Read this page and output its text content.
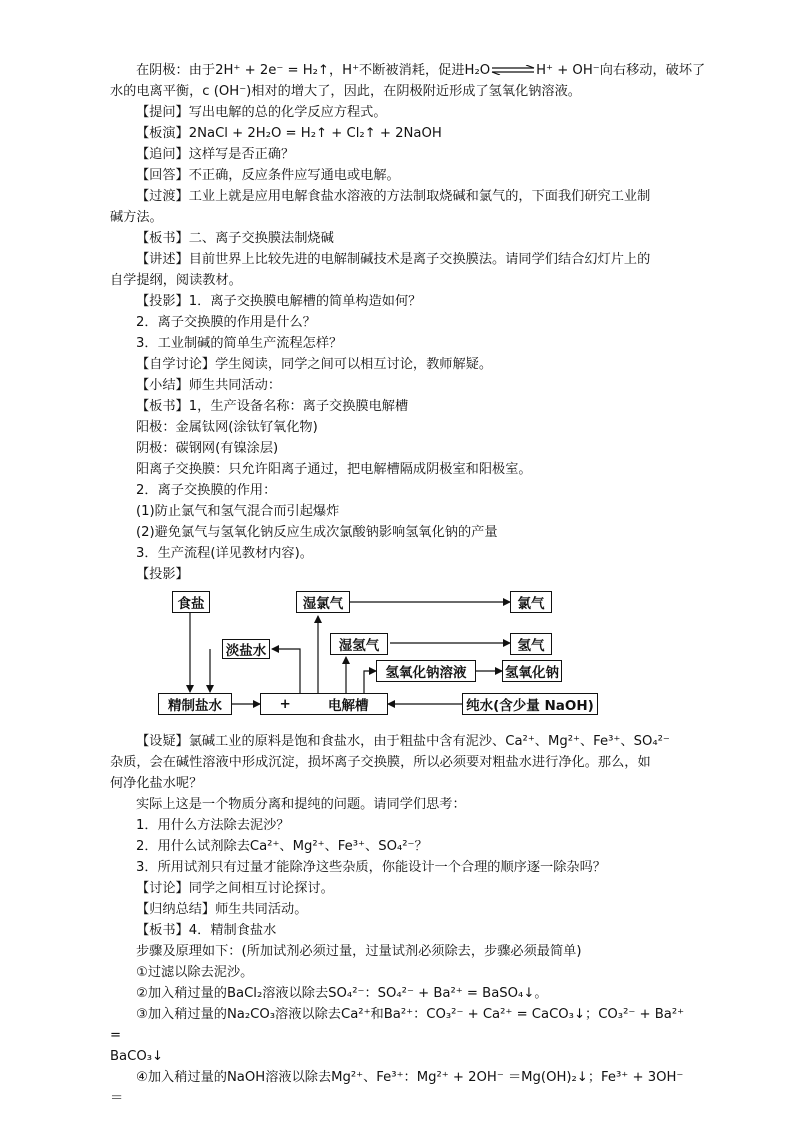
在阴极：由于2H⁺ + 2e⁻ = H₂↑，H⁺不断被消耗，促进H₂O⇌H⁺ + OH⁻向右移动，破坏了

水的电离平衡，c (OH⁻)相对的增大了，因此，在阴极附近形成了氢氧化钠溶液。

【提问】写出电解的总的化学反应方程式。

【板演】2NaCl + 2H₂O = H₂↑ + Cl₂↑ + 2NaOH

【追问】这样写是否正确？

【回答】不正确，反应条件应写通电或电解。

【过渡】工业上就是应用电解食盐水溶液的方法制取烧碱和氯气的，下面我们研究工业制

碱方法。

【板书】二、离子交换膜法制烧碱

【讲述】目前世界上比较先进的电解制碱技术是离子交换膜法。请同学们结合幻灯片上的

自学提纲，阅读教材。

【投影】1．离子交换膜电解槽的简单构造如何？

2．离子交换膜的作用是什么？

3．工业制碱的简单生产流程怎样？

【自学讨论】学生阅读，同学之间可以相互讨论，教师解疑。

【小结】师生共同活动：

【板书】1，生产设备名称：离子交换膜电解槽

阳极：金属钛网(涂钛钌氧化物)

阴极：碳钢网(有镍涂层)

阳离子交换膜：只允许阳离子通过，把电解槽隔成阴极室和阳极室。

2．离子交换膜的作用：

(1)防止氯气和氢气混合而引起爆炸

(2)避免氯气与氢氧化钠反应生成次氯酸钠影响氢氧化钠的产量

3．生产流程(详见教材内容)。

【投影】

食盐	湿氯气	氯气
淡盐水	湿氢气	氢气
氢氧化钠溶液	氢氧化钠
精制盐水	+	电解槽	纯水(含少量 NaOH)

【设疑】氯碱工业的原料是饱和食盐水，由于粗盐中含有泥沙、Ca²⁺、Mg²⁺、Fe³⁺、SO₄²⁻

杂质，会在碱性溶液中形成沉淀，损坏离子交换膜，所以必须要对粗盐水进行净化。那么，如

何净化盐水呢？

实际上这是一个物质分离和提纯的问题。请同学们思考：

1．用什么方法除去泥沙？

2．用什么试剂除去Ca²⁺、Mg²⁺、Fe³⁺、SO₄²⁻？

3．所用试剂只有过量才能除净这些杂质，你能设计一个合理的顺序逐一除杂吗？

【讨论】同学之间相互讨论探讨。

【归纳总结】师生共同活动。

【板书】4．精制食盐水

步骤及原理如下：(所加试剂必须过量，过量试剂必须除去，步骤必须最简单)

①过滤以除去泥沙。

②加入稍过量的BaCl₂溶液以除去SO₄²⁻：SO₄²⁻ + Ba²⁺ = BaSO₄↓。

③加入稍过量的Na₂CO₃溶液以除去Ca²⁺和Ba²⁺：CO₃²⁻ + Ca²⁺ = CaCO₃↓；CO₃²⁻ + Ba²⁺ =

BaCO₃↓

④加入稍过量的NaOH溶液以除去Mg²⁺、Fe³⁺：Mg²⁺ + 2OH⁻ ＝Mg(OH)₂↓；Fe³⁺ + 3OH⁻ ＝
